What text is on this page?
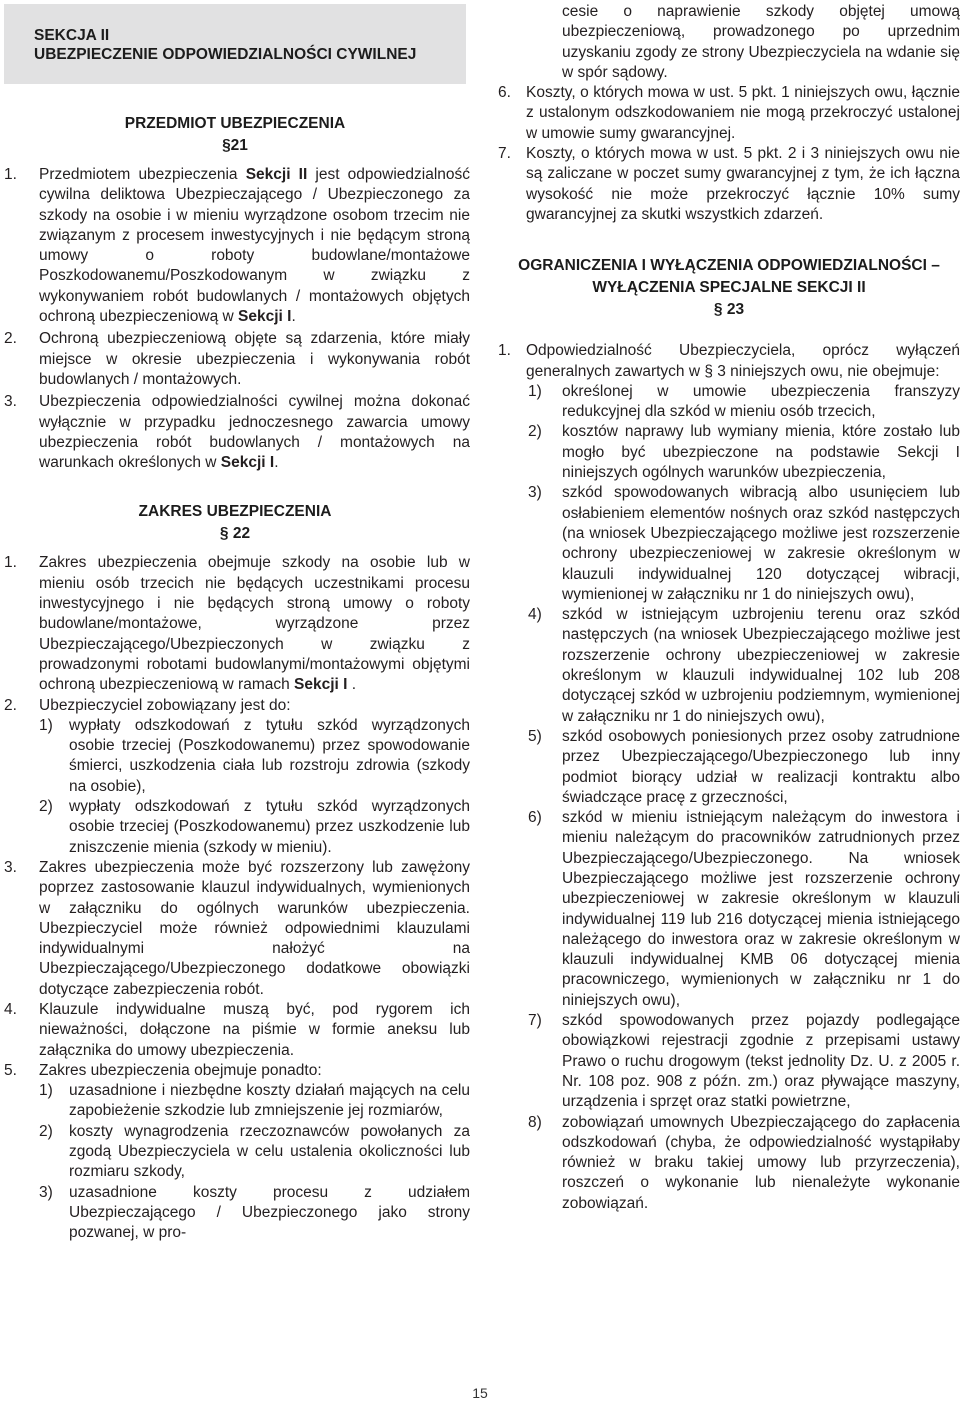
SEKCJA II
UBEZPIECZENIE ODPOWIEDZIALNOŚCI CYWILNEJ
PRZEDMIOT UBEZPIECZENIA
§21
1. Przedmiotem ubezpieczenia Sekcji II jest odpowiedzialność cywilna deliktowa Ubezpieczającego / Ubezpieczonego za szkody na osobie i w mieniu wyrządzone osobom trzecim nie związanym z procesem inwestycyjnych i nie będącym stroną umowy o roboty budowlane/montażowe Poszkodowanemu/Poszkodowanym w związku z wykonywaniem robót budowlanych / montażowych objętych ochroną ubezpieczeniową w Sekcji I.
2. Ochroną ubezpieczeniową objęte są zdarzenia, które miały miejsce w okresie ubezpieczenia i wykonywania robót budowlanych / montażowych.
3. Ubezpieczenia odpowiedzialności cywilnej można dokonać wyłącznie w przypadku jednoczesnego zawarcia umowy ubezpieczenia robót budowlanych / montażowych na warunkach określonych w Sekcji I.
ZAKRES UBEZPIECZENIA
§ 22
1. Zakres ubezpieczenia obejmuje szkody na osobie lub w mieniu osób trzecich nie będących uczestnikami procesu inwestycyjnego i nie będących stroną umowy o roboty budowlane/montażowe, wyrządzone przez Ubezpieczającego/Ubezpieczonych w związku z prowadzonymi robotami budowlanymi/montażowymi objętymi ochroną ubezpieczeniową w ramach Sekcji I .
2. Ubezpieczyciel zobowiązany jest do:
1) wypłaty odszkodowań z tytułu szkód wyrządzonych osobie trzeciej (Poszkodowanemu) przez spowodowanie śmierci, uszkodzenia ciała lub rozstroju zdrowia (szkody na osobie),
2) wypłaty odszkodowań z tytułu szkód wyrządzonych osobie trzeciej (Poszkodowanemu) przez uszkodzenie lub zniszczenie mienia (szkody w mieniu).
3. Zakres ubezpieczenia może być rozszerzony lub zawężony poprzez zastosowanie klauzul indywidualnych, wymienionych w załączniku do ogólnych warunków ubezpieczenia. Ubezpieczyciel może również odpowiednimi klauzulami indywidualnymi nałożyć na Ubezpieczającego/Ubezpieczonego dodatkowe obowiązki dotyczące zabezpieczenia robót.
4. Klauzule indywidualne muszą być, pod rygorem ich nieważności, dołączone na piśmie w formie aneksu lub załącznika do umowy ubezpieczenia.
5. Zakres ubezpieczenia obejmuje ponadto:
1) uzasadnione i niezbędne koszty działań mających na celu zapobieżenie szkodzie lub zmniejszenie jej rozmiarów,
2) koszty wynagrodzenia rzeczoznawców powołanych za zgodą Ubezpieczyciela w celu ustalenia okoliczności lub rozmiaru szkody,
3) uzasadnione koszty procesu z udziałem Ubezpieczającego / Ubezpieczonego jako strony pozwanej, w pro-
cesie o naprawienie szkody objętej umową ubezpieczeniową, prowadzonego po uprzednim uzyskaniu zgody ze strony Ubezpieczyciela na wdanie się w spór sądowy.
6. Koszty, o których mowa w ust. 5 pkt. 1 niniejszych owu, łącznie z ustalonym odszkodowaniem nie mogą przekroczyć ustalonej w umowie sumy gwarancyjnej.
7. Koszty, o których mowa w ust. 5 pkt. 2 i 3 niniejszych owu nie są zaliczane w poczet sumy gwarancyjnej z tym, że ich łączna wysokość nie może przekroczyć łącznie 10% sumy gwarancyjnej za skutki wszystkich zdarzeń.
OGRANICZENIA I WYŁĄCZENIA ODPOWIEDZIALNOŚCI –
WYŁĄCZENIA SPECJALNE SEKCJI II
§ 23
1. Odpowiedzialność Ubezpieczyciela, oprócz wyłączeń generalnych zawartych w § 3 niniejszych owu, nie obejmuje:
1) określonej w umowie ubezpieczenia franszyzy redukcyjnej dla szkód w mieniu osób trzecich,
2) kosztów naprawy lub wymiany mienia, które zostało lub mogło być ubezpieczone na podstawie Sekcji I niniejszych ogólnych warunków ubezpieczenia,
3) szkód spowodowanych wibracją albo usunięciem lub osłabieniem elementów nośnych oraz szkód następczych (na wniosek Ubezpieczającego możliwe jest rozszerzenie ochrony ubezpieczeniowej w zakresie określonym w klauzuli indywidualnej 120 dotyczącej wibracji, wymienionej w załączniku nr 1 do niniejszych owu),
4) szkód w istniejącym uzbrojeniu terenu oraz szkód następczych (na wniosek Ubezpieczającego możliwe jest rozszerzenie ochrony ubezpieczeniowej w zakresie określonym w klauzuli indywidualnej 102 lub 208 dotyczącej szkód w uzbrojeniu podziemnym, wymienionej w załączniku nr 1 do niniejszych owu),
5) szkód osobowych poniesionych przez osoby zatrudnione przez Ubezpieczającego/Ubezpieczonego lub inny podmiot biorący udział w realizacji kontraktu albo świadczące pracę z grzeczności,
6) szkód w mieniu istniejącym należącym do inwestora i mieniu należącym do pracowników zatrudnionych przez Ubezpieczającego/Ubezpieczonego. Na wniosek Ubezpieczającego możliwe jest rozszerzenie ochrony ubezpieczeniowej w zakresie określonym w klauzuli indywidualnej 119 lub 216 dotyczącej mienia istniejącego należącego do inwestora oraz w zakresie określonym w klauzuli indywidualnej KMB 06 dotyczącej mienia pracowniczego, wymienionych w załączniku nr 1 do niniejszych owu),
7) szkód spowodowanych przez pojazdy podlegające obowiązkowi rejestracji zgodnie z przepisami ustawy Prawo o ruchu drogowym (tekst jednolity Dz. U. z 2005 r. Nr. 108 poz. 908 z późn. zm.) oraz pływające maszyny, urządzenia i sprzęt oraz statki powietrzne,
8) zobowiązań umownych Ubezpieczającego do zapłacenia odszkodowań (chyba, że odpowiedzialność wystąpiłaby również w braku takiej umowy lub przyrzeczenia), roszczeń o wykonanie lub nienależyte wykonanie zobowiązań.
15
